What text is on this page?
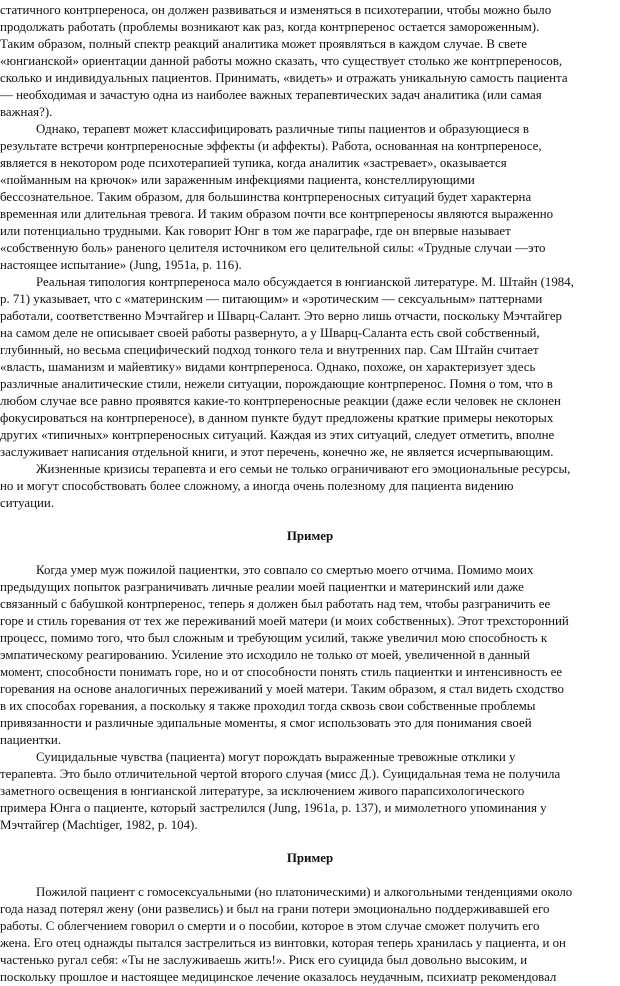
статичного контрпереноса, он должен развиваться и изменяться в психотерапии, чтобы можно было
продолжать работать (проблемы возникают как раз, когда контрперенос остается замороженным).
Таким образом, полный спектр реакций аналитика может проявляться в каждом случае. В свете
«юнгианской» ориентации данной работы можно сказать, что существует столько же контрпереносов,
сколько и индивидуальных пациентов. Принимать, «видеть» и отражать уникальную самость пациента
— необходимая и зачастую одна из наиболее важных терапевтических задач аналитика (или самая
важная?).
Однако, терапевт может классифицировать различные типы пациентов и образующиеся в
результате встречи контрпереносные эффекты (и аффекты). Работа, основанная на контрпереносе,
является в некотором роде психотерапией тупика, когда аналитик «застревает», оказывается
«пойманным на крючок» или зараженным инфекциями пациента, констеллирующими
бессознательное. Таким образом, для большинства контрпереносных ситуаций будет характерна
временная или длительная тревога. И таким образом почти все контрпереносы являются выраженно
или потенциально трудными. Как говорит Юнг в том же параграфе, где он впервые называет
«собственную боль» раненого целителя источником его целительной силы: «Трудные случаи —это
настоящее испытание» (Jung, 1951a, p. 116).
Реальная типология контрпереноса мало обсуждается в юнгианской литературе. М. Штайн (1984,
p. 71) указывает, что с «материнским — питающим» и «эротическим — сексуальным» паттернами
работали, соответственно Мэчтайгер и Шварц-Салант. Это верно лишь отчасти, поскольку Мэчтайгер
на самом деле не описывает своей работы развернуто, а у Шварц-Саланта есть свой собственный,
глубинный, но весьма специфический подход тонкого тела и внутренних пар. Сам Штайн считает
«власть, шаманизм и майевтику» видами контрпереноса. Однако, похоже, он характеризует здесь
различные аналитические стили, нежели ситуации, порождающие контрперенос. Помня о том, что в
любом случае все равно проявятся какие-то контрпереносные реакции (даже если человек не склонен
фокусироваться на контрпереносе), в данном пункте будут предложены краткие примеры некоторых
других «типичных» контрпереносных ситуаций. Каждая из этих ситуаций, следует отметить, вполне
заслуживает написания отдельной книги, и этот перечень, конечно же, не является исчерпывающим.
Жизненные кризисы терапевта и его семьи не только ограничивают его эмоциональные ресурсы,
но и могут способствовать более сложному, а иногда очень полезному для пациента видению
ситуации.
Пример
Когда умер муж пожилой пациентки, это совпало со смертью моего отчима. Помимо моих
предыдущих попыток разграничивать личные реалии моей пациентки и материнский или даже
связанный с бабушкой контрперенос, теперь я должен был работать над тем, чтобы разграничить ее
горе и стиль горевания от тех же переживаний моей матери (и моих собственных). Этот трехсторонний
процесс, помимо того, что был сложным и требующим усилий, также увеличил мою способность к
эмпатическому реагированию. Усиление это исходило не только от моей, увеличенной в данный
момент, способности понимать горе, но и от способности понять стиль пациентки и интенсивность ее
горевания на основе аналогичных переживаний у моей матери. Таким образом, я стал видеть сходство
в их способах горевания, а поскольку я также проходил тогда сквозь свои собственные проблемы
привязанности и различные эдипальные моменты, я смог использовать это для понимания своей
пациентки.
Суицидальные чувства (пациента) могут порождать выраженные тревожные отклики у
терапевта. Это было отличительной чертой второго случая (мисс Д.). Суицидальная тема не получила
заметного освещения в юнгианской литературе, за исключением живого парапсихологического
примера Юнга о пациенте, который застрелился (Jung, 1961a, p. 137), и мимолетного упоминания у
Мэчтайгер (Machtiger, 1982, p. 104).
Пример
Пожилой пациент с гомосексуальными (но платоническими) и алкогольными тенденциями около
года назад потерял жену (они развелись) и был на грани потери эмоционально поддерживавшей его
работы. С облегчением говорил о смерти и о пособии, которое в этом случае сможет получить его
жена. Его отец однажды пытался застрелиться из винтовки, которая теперь хранилась у пациента, и он
частенько ругал себя: «Ты не заслуживаешь жить!». Риск его суицида был довольно высоким, и
поскольку прошлое и настоящее медицинское лечение оказалось неудачным, психиатр рекомендовал
